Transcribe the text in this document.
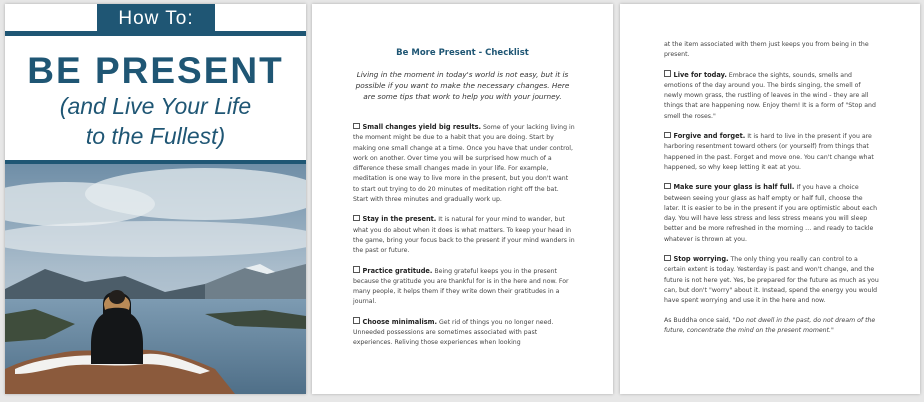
How To:
BE PRESENT
(and Live Your Life
to the Fullest)
Be More Present - Checklist
Living in the moment in today's world is not easy, but it is possible if you want to make the necessary changes. Here are some tips that work to help you with your journey.
Small changes yield big results. Some of your lacking living in the moment might be due to a habit that you are doing. Start by making one small change at a time. Once you have that under control, work on another. Over time you will be surprised how much of a difference these small changes made in your life. For example, meditation is one way to live more in the present, but you don't want to start out trying to do 20 minutes of meditation right off the bat. Start with three minutes and gradually work up.
Stay in the present. It is natural for your mind to wander, but what you do about when it does is what matters. To keep your head in the game, bring your focus back to the present if your mind wanders in the past or future.
Practice gratitude. Being grateful keeps you in the present because the gratitude you are thankful for is in the here and now. For many people, it helps them if they write down their gratitudes in a journal.
Choose minimalism. Get rid of things you no longer need. Unneeded possessions are sometimes associated with past experiences. Reliving those experiences when looking
at the item associated with them just keeps you from being in the present.
Live for today. Embrace the sights, sounds, smells and emotions of the day around you. The birds singing, the smell of newly mown grass, the rustling of leaves in the wind - they are all things that are happening now. Enjoy them! It is a form of "Stop and smell the roses."
Forgive and forget. It is hard to live in the present if you are harboring resentment toward others (or yourself) from things that happened in the past. Forget and move one. You can't change what happened, so why keep letting it eat at you.
Make sure your glass is half full. If you have a choice between seeing your glass as half empty or half full, choose the later. It is easier to be in the present if you are optimistic about each day. You will have less stress and less stress means you will sleep better and be more refreshed in the morning … and ready to tackle whatever is thrown at you.
Stop worrying. The only thing you really can control to a certain extent is today. Yesterday is past and won't change, and the future is not here yet. Yes, be prepared for the future as much as you can, but don't "worry" about it. Instead, spend the energy you would have spent worrying and use it in the here and now.
As Buddha once said, "Do not dwell in the past, do not dream of the future, concentrate the mind on the present moment."
